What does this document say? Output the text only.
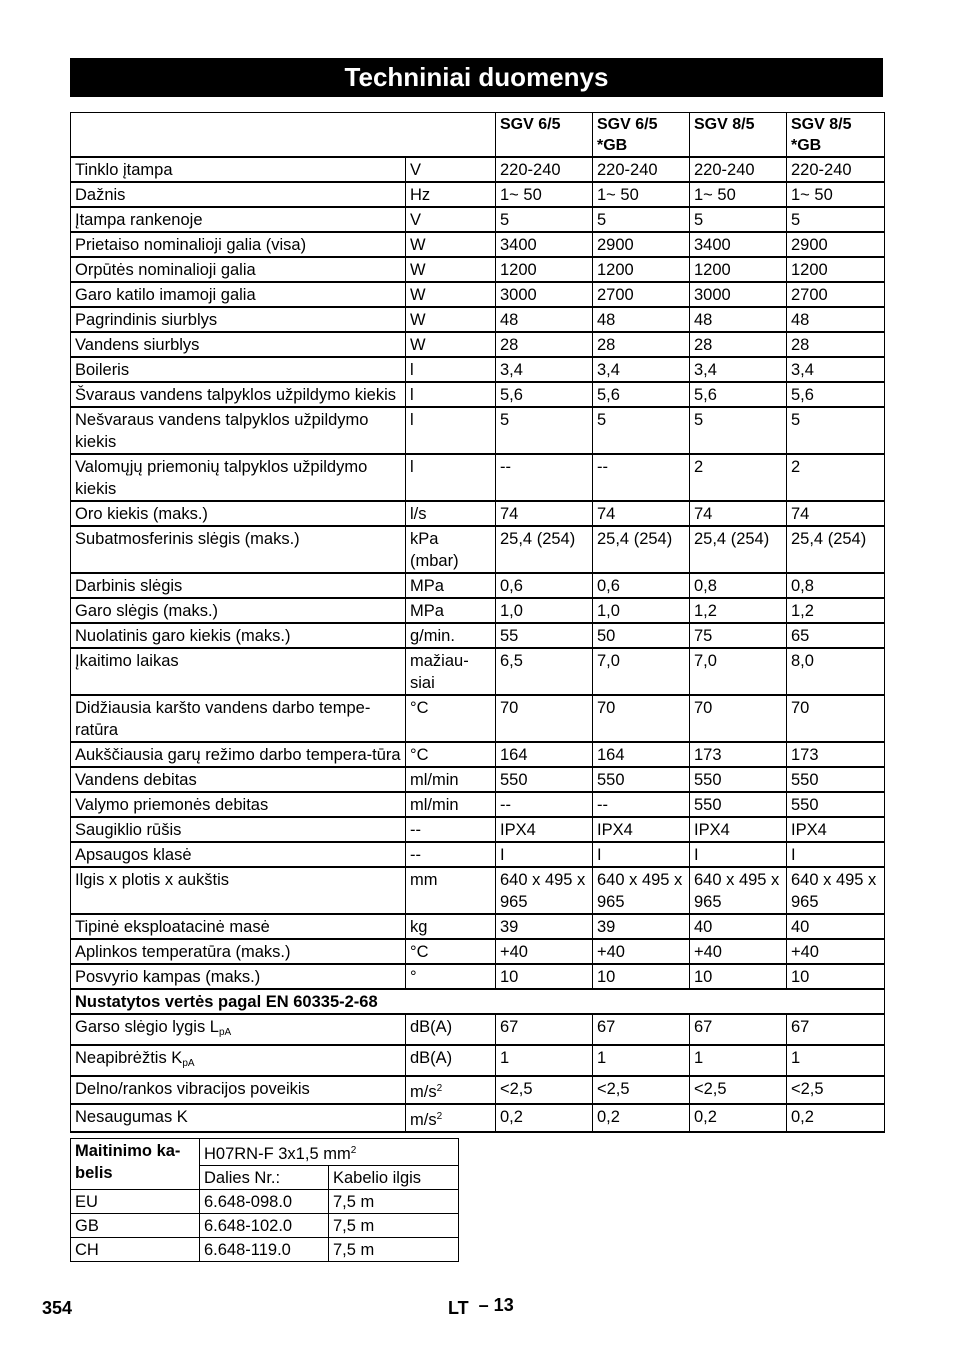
Techniniai duomenys
		SGV 6/5	SGV 6/5 *GB	SGV 8/5	SGV 8/5 *GB
Tinklo įtampa	V	220-240	220-240	220-240	220-240
Dažnis	Hz	1~ 50	1~ 50	1~ 50	1~ 50
Įtampa rankenoje	V	5	5	5	5
Prietaiso nominalioji galia (visa)	W	3400	2900	3400	2900
Orpūtės nominalioji galia	W	1200	1200	1200	1200
Garo katilo imamoji galia	W	3000	2700	3000	2700
Pagrindinis siurblys	W	48	48	48	48
Vandens siurblys	W	28	28	28	28
Boileris	l	3,4	3,4	3,4	3,4
Švaraus vandens talpyklos užpildymo kiekis	l	5,6	5,6	5,6	5,6
Nešvaraus vandens talpyklos užpildymo kiekis	l	5	5	5	5
Valomųjų priemonių talpyklos užpildymo kiekis	l	--	--	2	2
Oro kiekis (maks.)	l/s	74	74	74	74
Subatmosferinis slėgis (maks.)	kPa (mbar)	25,4 (254)	25,4 (254)	25,4 (254)	25,4 (254)
Darbinis slėgis	MPa	0,6	0,6	0,8	0,8
Garo slėgis (maks.)	MPa	1,0	1,0	1,2	1,2
Nuolatinis garo kiekis (maks.)	g/min.	55	50	75	65
Įkaitimo laikas	mažiau-siai	6,5	7,0	7,0	8,0
Didžiausia karšto vandens darbo tempe-ratūra	°C	70	70	70	70
Aukščiausia garų režimo darbo tempera-tūra	°C	164	164	173	173
Vandens debitas	ml/min	550	550	550	550
Valymo priemonės debitas	ml/min	--	--	550	550
Saugiklio rūšis	--	IPX4	IPX4	IPX4	IPX4
Apsaugos klasė	--	I	I	I	I
Ilgis x plotis x aukštis	mm	640 x 495 x 965	640 x 495 x 965	640 x 495 x 965	640 x 495 x 965
Tipinė eksploatacinė masė	kg	39	39	40	40
Aplinkos temperatūra (maks.)	°C	+40	+40	+40	+40
Posvyrio kampas (maks.)	°	10	10	10	10
Nustatytos vertės pagal EN 60335-2-68					
Garso slėgio lygis $L_{pA}$	dB(A)	67	67	67	67
Neapibrėžtis $K_{pA}$	dB(A)	1	1	1	1
Delno/rankos vibracijos poveikis	$m/s^2$	<2,5	<2,5	<2,5	<2,5
Nesaugumas K	$m/s^2$	0,2	0,2	0,2	0,2
Maitinimo ka-belis	H07RN-F 3x1,5 $mm^2$
	Dalies Nr.:	Kabelio ilgis
EU	6.648-098.0	7,5 m
GB	6.648-102.0	7,5 m
CH	6.648-119.0	7,5 m
354	LT – 13
